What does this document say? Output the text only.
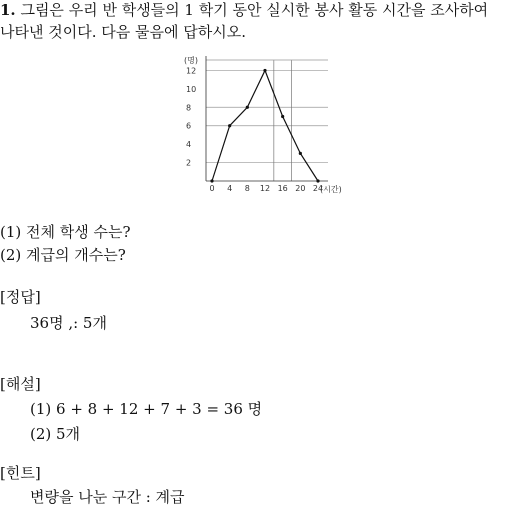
1. 그림은 우리 반 학생들의 1 학기 동안 실시한 봉사 활동 시간을 조사하여
나타낸 것이다. 다음 물음에 답하시오.
2
4
6
8
10
12
0 4 8 12 16 20 24
(명)
(시간)
(1) 전체 학생 수는?
(2) 계급의 개수는?
[정답]
36명 ,: 5개
[해설]
(1) 6 + 8 + 12 + 7 + 3 = 36 명
(2) 5개
[힌트]
변량을 나눈 구간 : 계급
